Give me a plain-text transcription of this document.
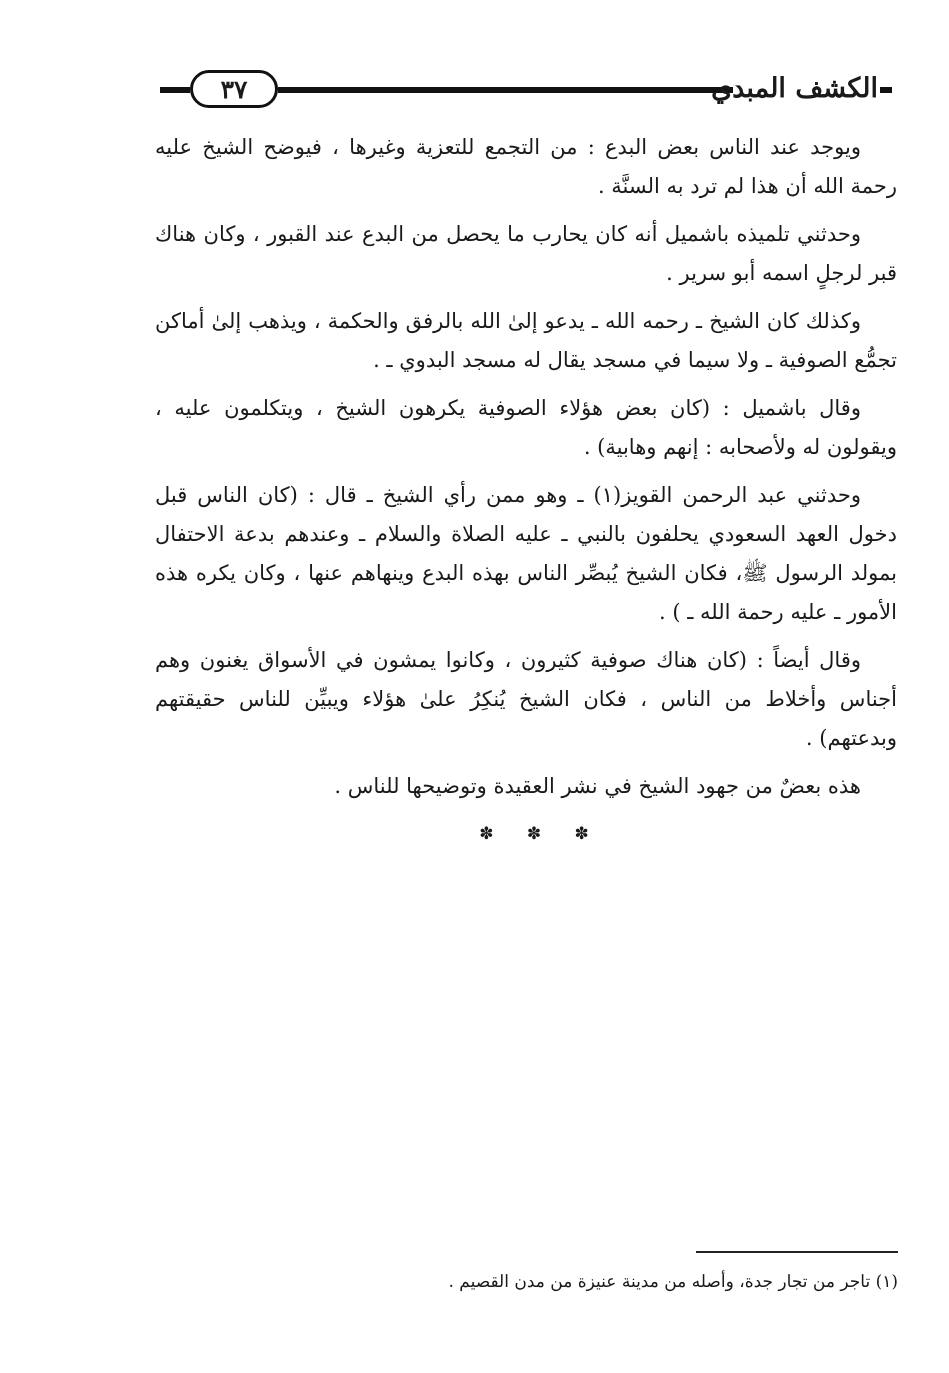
٣٧	الكشف المبدي

ويوجد عند الناس بعض البدع : من التجمع للتعزية وغيرها ، فيوضح الشيخ عليه رحمة الله أن هذا لم ترد به السنَّة .

وحدثني تلميذه باشميل أنه كان يحارب ما يحصل من البدع عند القبور ، وكان هناك قبر لرجلٍ اسمه أبو سرير .

وكذلك كان الشيخ ـ رحمه الله ـ يدعو إلىٰ الله بالرفق والحكمة ، ويذهب إلىٰ أماكن تجمُّع الصوفية ـ ولا سيما في مسجد يقال له مسجد البدوي ـ .

وقال باشميل : (كان بعض هؤلاء الصوفية يكرهون الشيخ ، ويتكلمون عليه ، ويقولون له ولأصحابه : إنهم وهابية) .

وحدثني عبد الرحمن القويز(١) ـ وهو ممن رأي الشيخ ـ قال : (كان الناس قبل دخول العهد السعودي يحلفون بالنبي ـ عليه الصلاة والسلام ـ وعندهم بدعة الاحتفال بمولد الرسول ﷺ، فكان الشيخ يُبصِّر الناس بهذه البدع وينهاهم عنها ، وكان يكره هذه الأمور ـ عليه رحمة الله ـ ) .

وقال أيضاً : (كان هناك صوفية كثيرون ، وكانوا يمشون في الأسواق يغنون وهم أجناس وأخلاط من الناس ، فكان الشيخ يُنكِرُ علىٰ هؤلاء ويبيِّن للناس حقيقتهم وبدعتهم) .

هذه بعضٌ من جهود الشيخ في نشر العقيدة وتوضيحها للناس .

✽ ✽ ✽
(١) تاجر من تجار جدة، وأصله من مدينة عنيزة من مدن القصيم .
